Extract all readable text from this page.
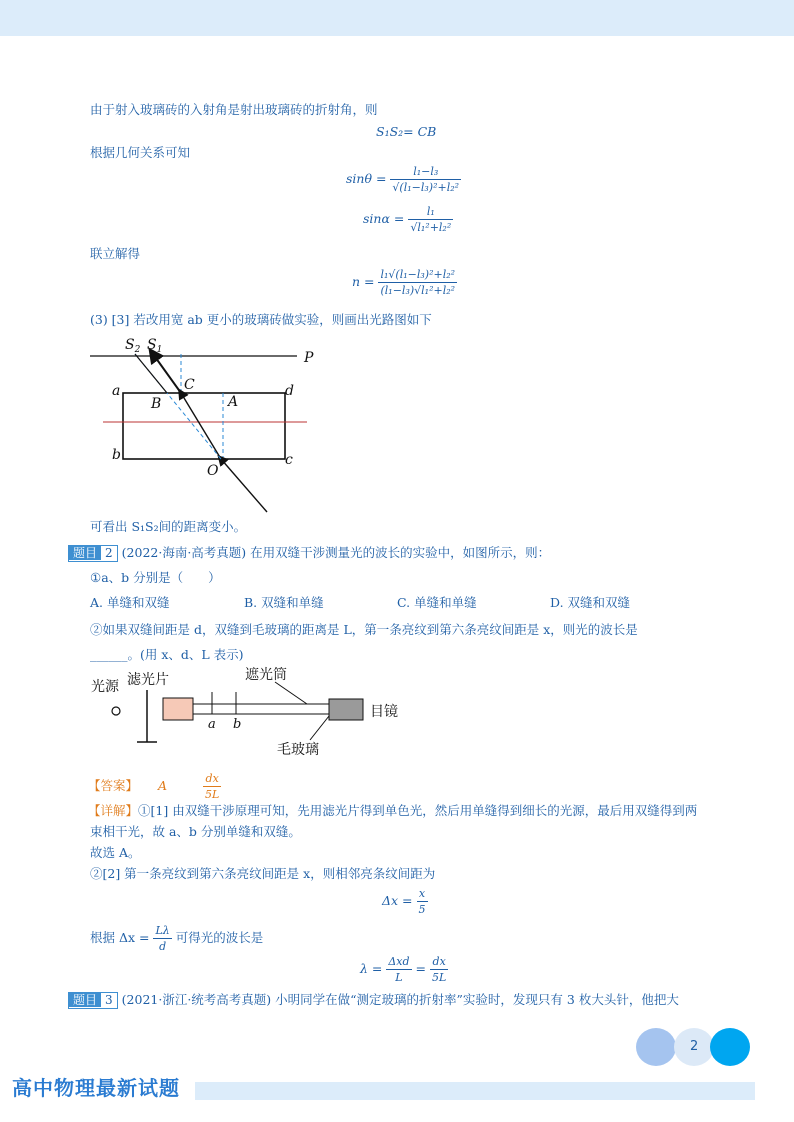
由于射入玻璃砖的入射角是射出玻璃砖的折射角，则
S₁S₂= CB
根据几何关系可知
$\sin\theta = \frac{\text{l₁−l₃}}{\text{√(l₁−l₃)²+l₂²}}$
$\sin\alpha = \frac{\text{l₁}}{\text{√l₁²+l₂²}}$
联立解得
$n = \frac{\text{l₁√(l₁−l₃)²+l₂²}}{\text{(l₁−l₃)√l₁²+l₂²}}$
(3) [3] 若改用宽 ab 更小的玻璃砖做实验，则画出光路图如下
$S_2$ $S_1$	P
a
b
d
c
C
B	A
O
可看出 S₁S₂间的距离变小。
题目 2 (2022·海南·高考真题) 在用双缝干涉测量光的波长的实验中，如图所示，则：
①a、b 分别是（　　）
A. 单缝和双缝	B. 双缝和单缝	C. 单缝和单缝	D. 双缝和双缝
②如果双缝间距是 d，双缝到毛玻璃的距离是 L，第一条亮纹到第六条亮纹间距是 x，则光的波长是
______。(用 x、d、L 表示)
光源 滤光片
a b
遮光筒
目镜
毛玻璃
【答案】 A	$\frac{dx}{5L}$
【详解】①[1] 由双缝干涉原理可知，先用滤光片得到单色光，然后用单缝得到细长的光源，最后用双缝得到两
束相干光，故 a、b 分别单缝和双缝。
故选 A。
②[2] 第一条亮纹到第六条亮纹间距是 x，则相邻亮条纹间距为
$\Delta x = \frac{x}{5}$
根据 $\Delta x = \frac{L\lambda}{d}$ 可得光的波长是
$\lambda = \frac{\text{Δxd}}{L} = \frac{dx}{5L}$
题目 3 (2021·浙江·统考高考真题) 小明同学在做“测定玻璃的折射率”实验时，发现只有 3 枚大头针，他把大
2
高中物理最新试题
